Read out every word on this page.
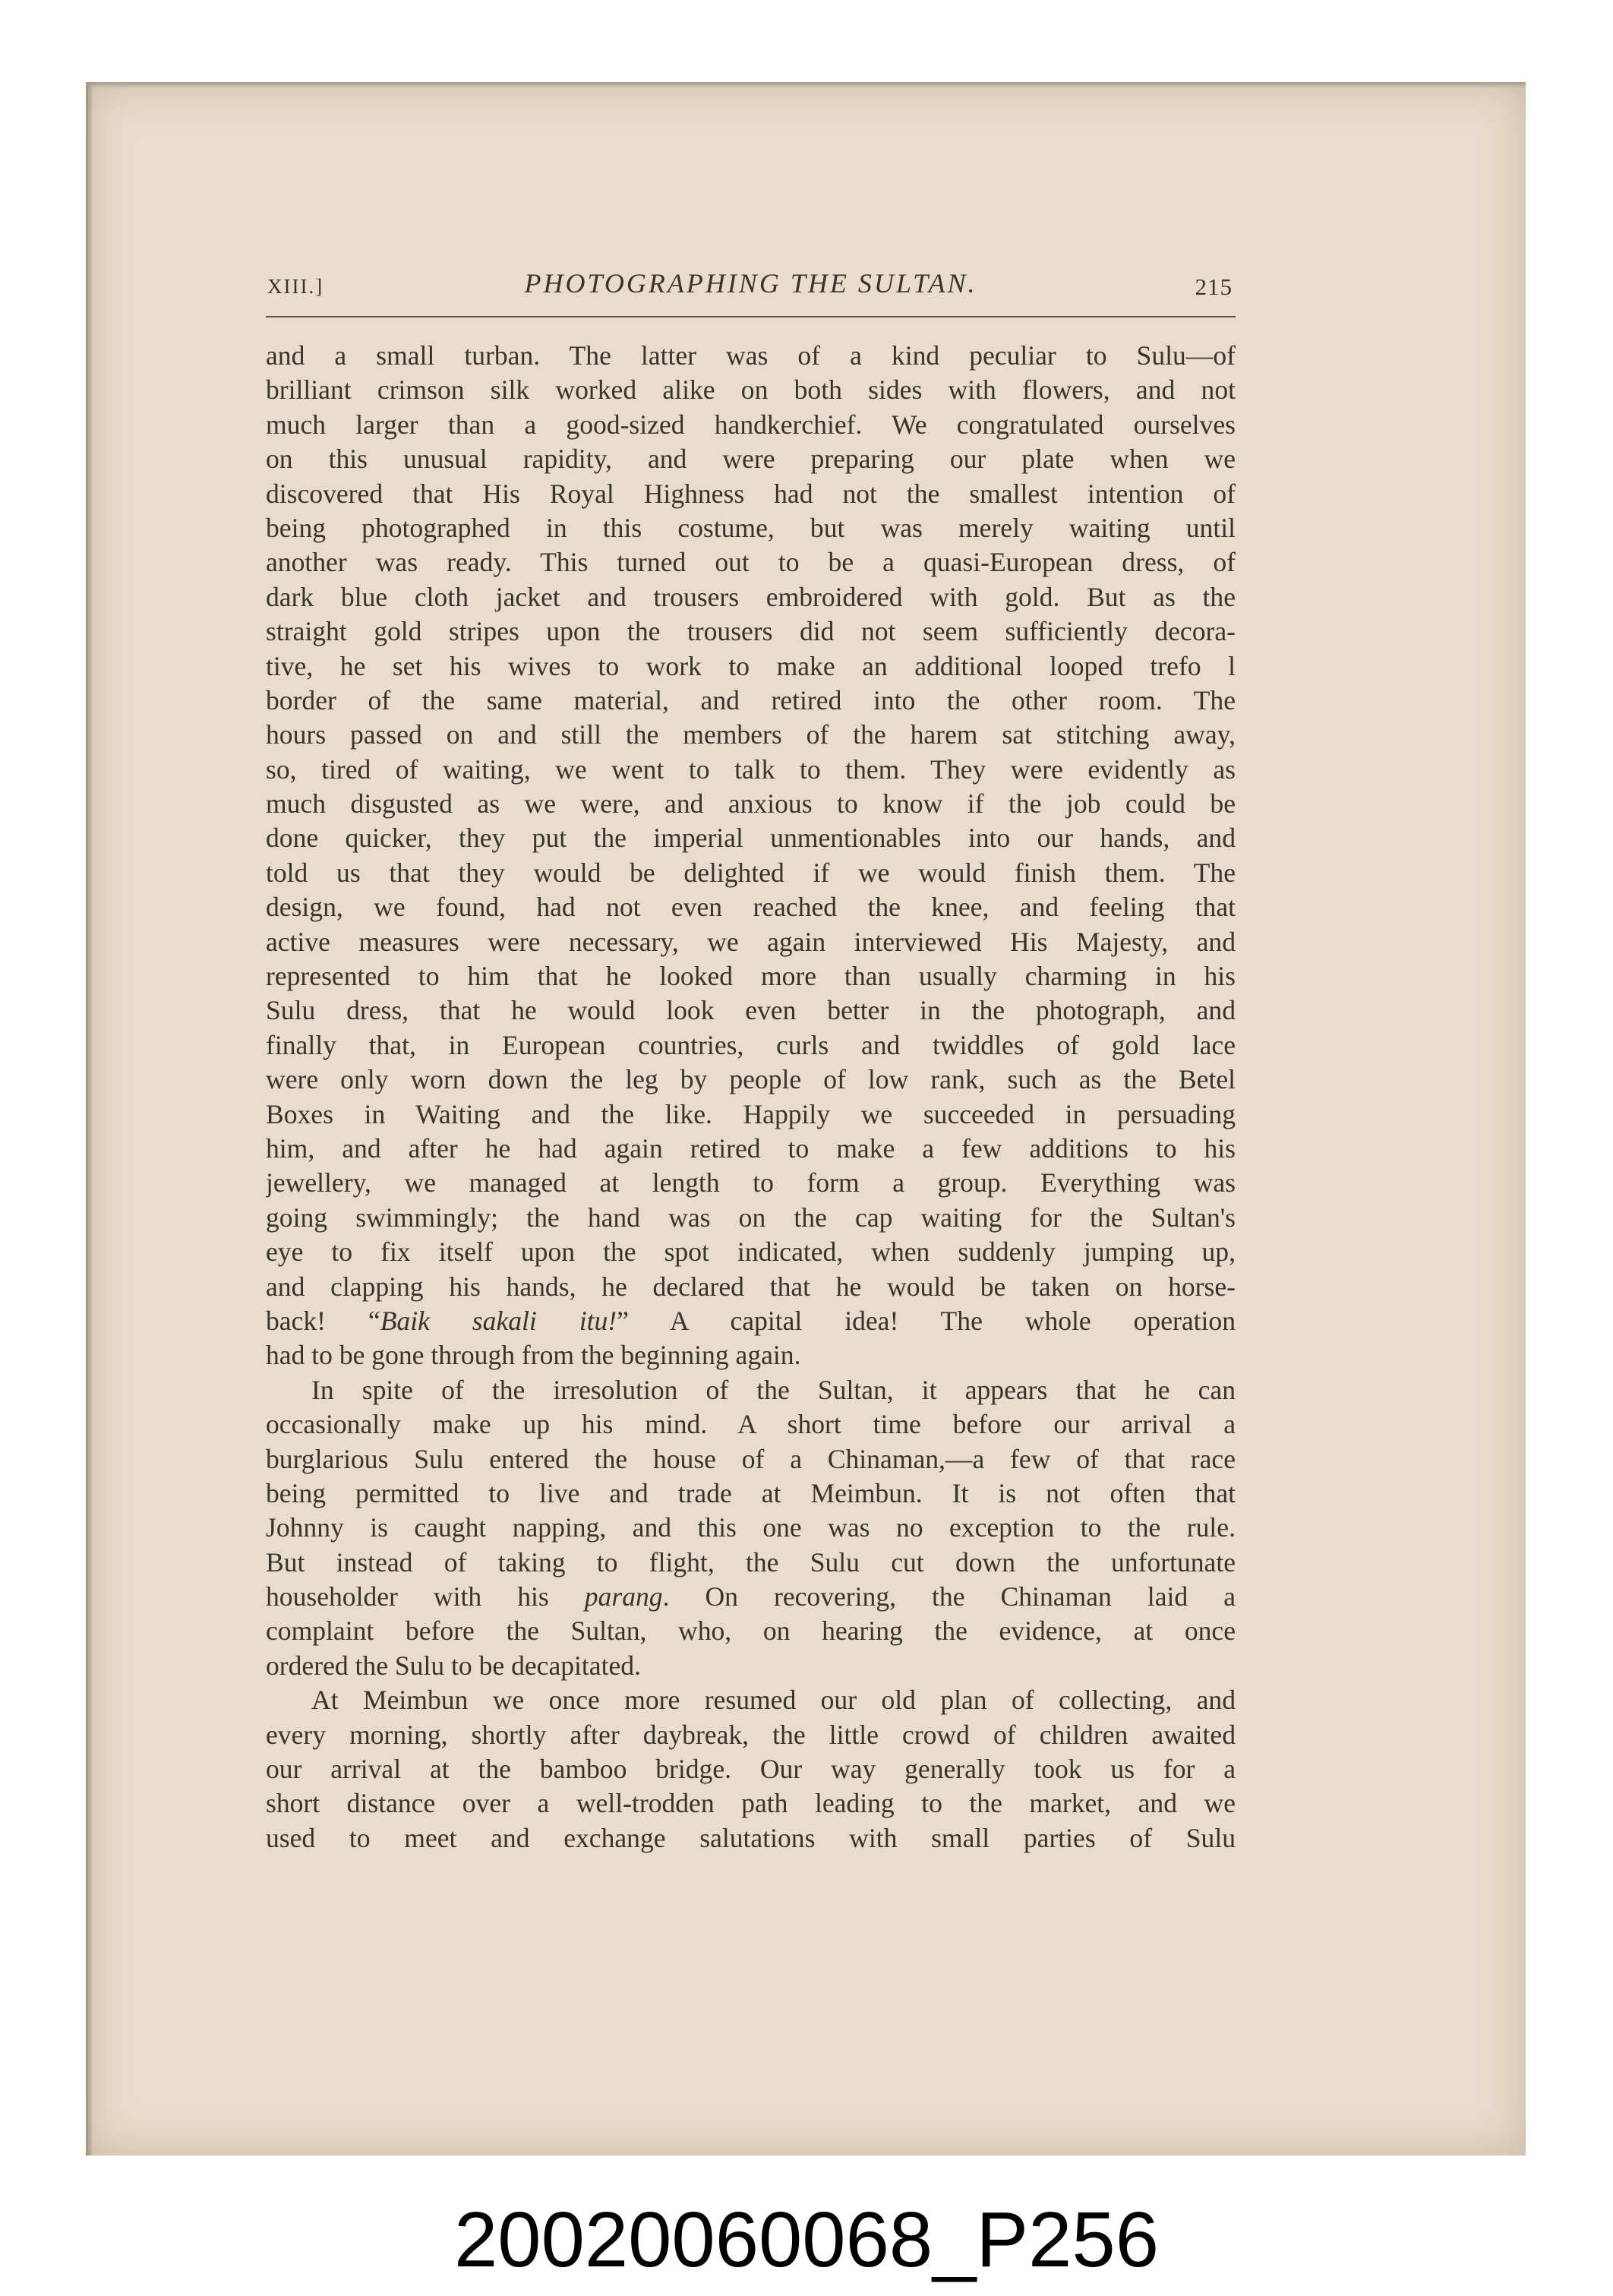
XIII.]	PHOTOGRAPHING THE SULTAN.	215
and a small turban. The latter was of a kind peculiar to Sulu—of
brilliant crimson silk worked alike on both sides with flowers, and not
much larger than a good-sized handkerchief. We congratulated ourselves
on this unusual rapidity, and were preparing our plate when we
discovered that His Royal Highness had not the smallest intention of
being photographed in this costume, but was merely waiting until
another was ready. This turned out to be a quasi-European dress, of
dark blue cloth jacket and trousers embroidered with gold. But as the
straight gold stripes upon the trousers did not seem sufficiently decora-
tive, he set his wives to work to make an additional looped trefo l
border of the same material, and retired into the other room. The
hours passed on and still the members of the harem sat stitching away,
so, tired of waiting, we went to talk to them. They were evidently as
much disgusted as we were, and anxious to know if the job could be
done quicker, they put the imperial unmentionables into our hands, and
told us that they would be delighted if we would finish them. The
design, we found, had not even reached the knee, and feeling that
active measures were necessary, we again interviewed His Majesty, and
represented to him that he looked more than usually charming in his
Sulu dress, that he would look even better in the photograph, and
finally that, in European countries, curls and twiddles of gold lace
were only worn down the leg by people of low rank, such as the Betel
Boxes in Waiting and the like. Happily we succeeded in persuading
him, and after he had again retired to make a few additions to his
jewellery, we managed at length to form a group. Everything was
going swimmingly; the hand was on the cap waiting for the Sultan's
eye to fix itself upon the spot indicated, when suddenly jumping up,
and clapping his hands, he declared that he would be taken on horse-
back! “Baik sakali itu!” A capital idea! The whole operation
had to be gone through from the beginning again.
In spite of the irresolution of the Sultan, it appears that he can
occasionally make up his mind. A short time before our arrival a
burglarious Sulu entered the house of a Chinaman,—a few of that race
being permitted to live and trade at Meimbun. It is not often that
Johnny is caught napping, and this one was no exception to the rule.
But instead of taking to flight, the Sulu cut down the unfortunate
householder with his parang. On recovering, the Chinaman laid a
complaint before the Sultan, who, on hearing the evidence, at once
ordered the Sulu to be decapitated.
At Meimbun we once more resumed our old plan of collecting, and
every morning, shortly after daybreak, the little crowd of children awaited
our arrival at the bamboo bridge. Our way generally took us for a
short distance over a well-trodden path leading to the market, and we
used to meet and exchange salutations with small parties of Sulu
20020060068_P256
